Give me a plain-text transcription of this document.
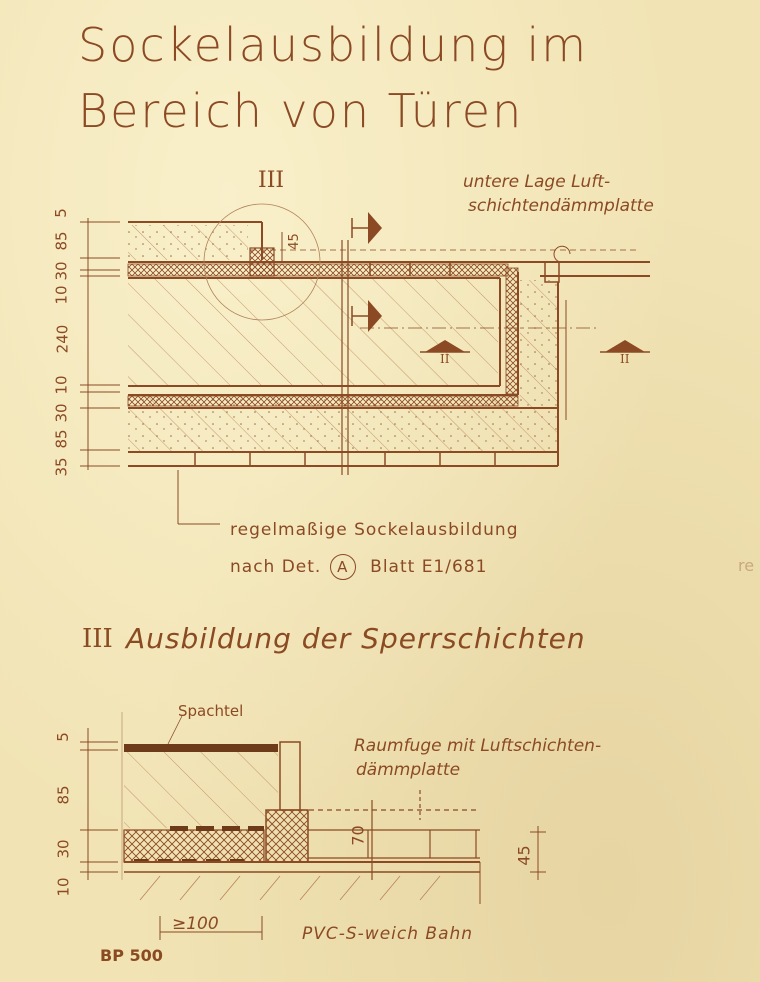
Sockelausbildung im
Bereich von Türen
III	untere Lage Luft-
schichtendämmplatte
5
85
30
10
240
10
30
85
35
45
II	II
regelmaßige Sockelausbildung
nach Det. A Blatt E1/681	re
III Ausbildung der Sperrschichten
Spachtel
Raumfuge mit Luftschichten-
dämmplatte
5
85
30
10
70
45
≥100	PVC-S-weich Bahn
BP 500
